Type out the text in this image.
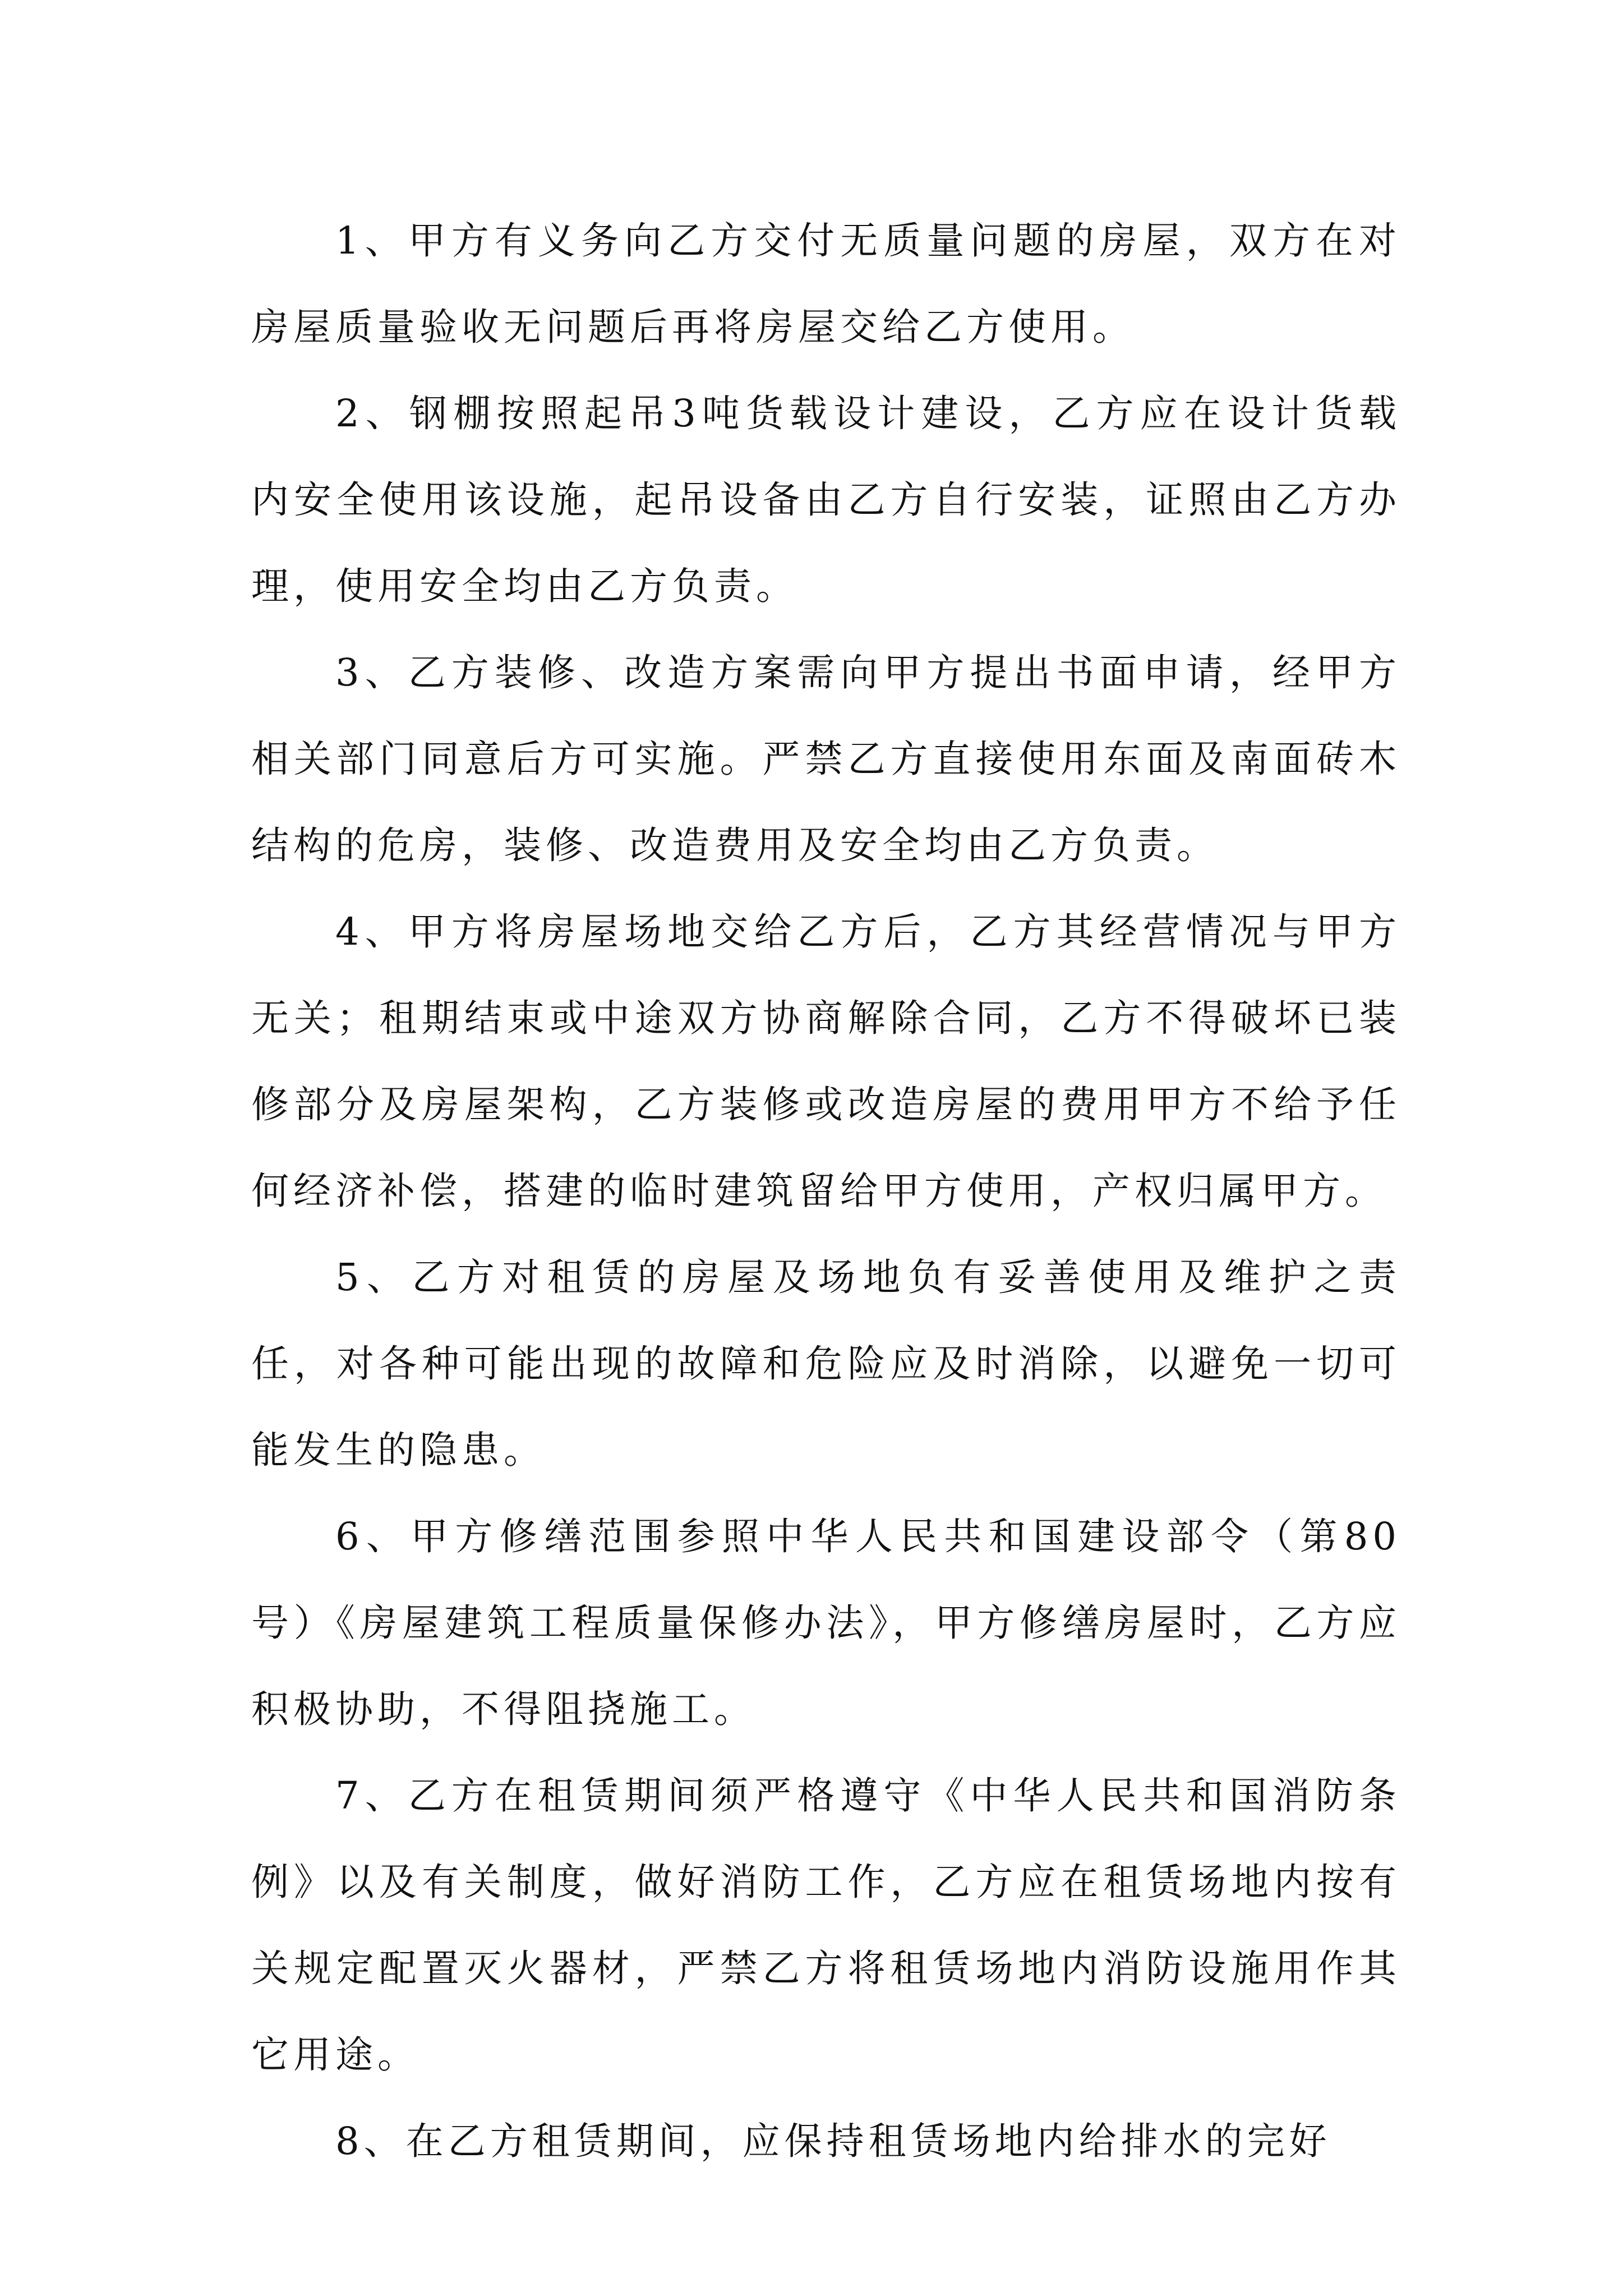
1、甲方有义务向乙方交付无质量问题的房屋，双方在对房屋质量验收无问题后再将房屋交给乙方使用。

2、钢棚按照起吊3吨货载设计建设，乙方应在设计货载内安全使用该设施，起吊设备由乙方自行安装，证照由乙方办理，使用安全均由乙方负责。

3、乙方装修、改造方案需向甲方提出书面申请，经甲方相关部门同意后方可实施。严禁乙方直接使用东面及南面砖木结构的危房，装修、改造费用及安全均由乙方负责。

4、甲方将房屋场地交给乙方后，乙方其经营情况与甲方无关；租期结束或中途双方协商解除合同，乙方不得破坏已装修部分及房屋架构，乙方装修或改造房屋的费用甲方不给予任何经济补偿，搭建的临时建筑留给甲方使用，产权归属甲方。

5、乙方对租赁的房屋及场地负有妥善使用及维护之责任，对各种可能出现的故障和危险应及时消除，以避免一切可能发生的隐患。

6、甲方修缮范围参照中华人民共和国建设部令（第80号）《房屋建筑工程质量保修办法》，甲方修缮房屋时，乙方应积极协助，不得阻挠施工。

7、乙方在租赁期间须严格遵守《中华人民共和国消防条例》以及有关制度，做好消防工作，乙方应在租赁场地内按有关规定配置灭火器材，严禁乙方将租赁场地内消防设施用作其它用途。

8、在乙方租赁期间，应保持租赁场地内给排水的完好
